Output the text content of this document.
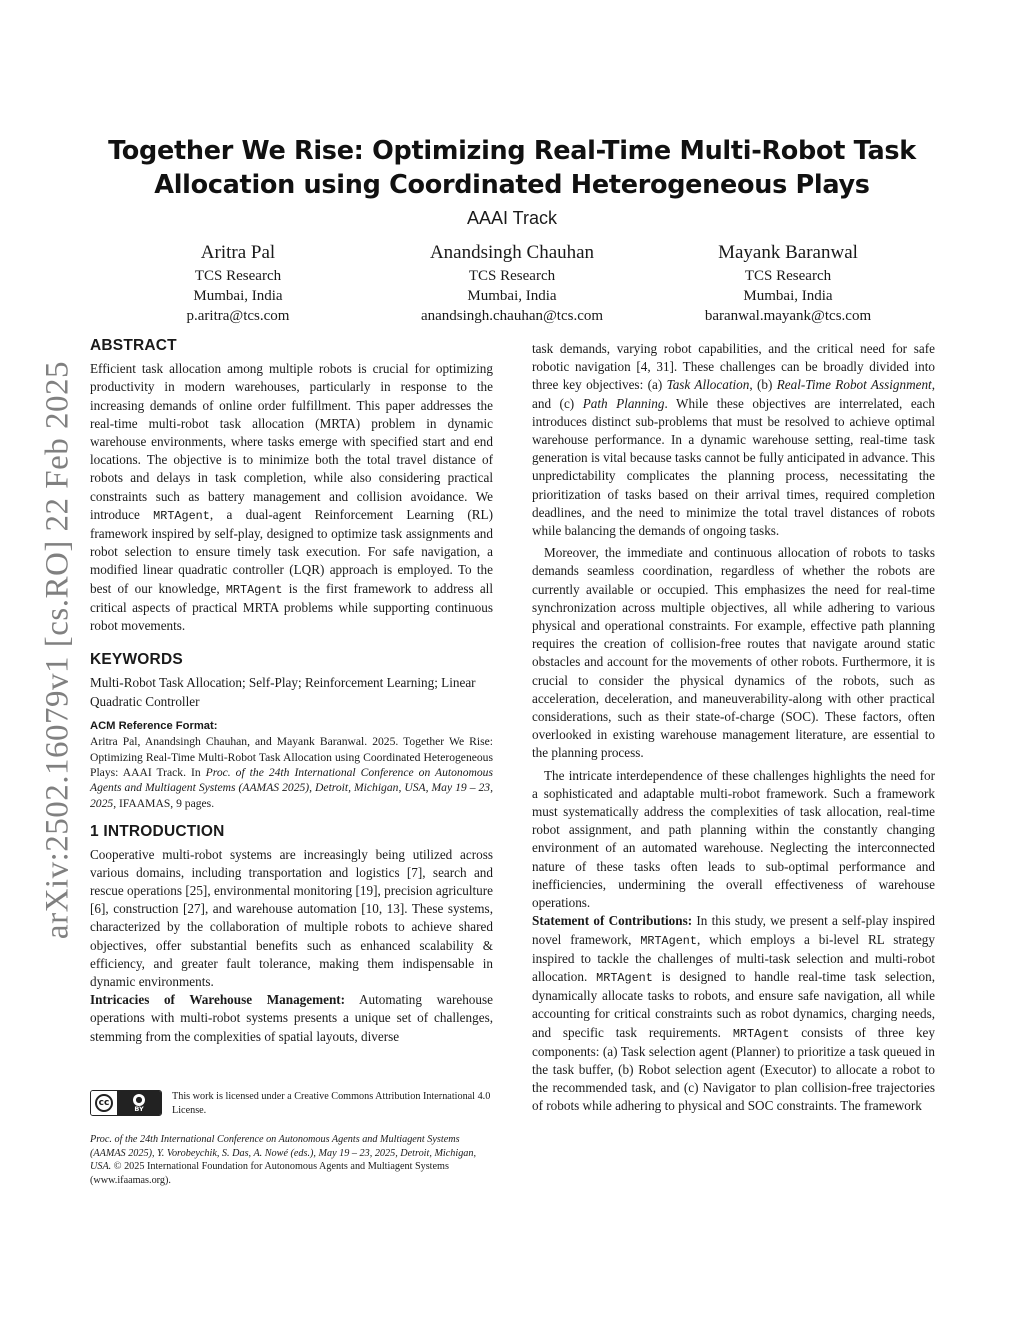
arXiv:2502.16079v1 [cs.RO] 22 Feb 2025
Together We Rise: Optimizing Real-Time Multi-Robot Task Allocation using Coordinated Heterogeneous Plays
AAAI Track
Aritra Pal
TCS Research
Mumbai, India
p.aritra@tcs.com
Anandsingh Chauhan
TCS Research
Mumbai, India
anandsingh.chauhan@tcs.com
Mayank Baranwal
TCS Research
Mumbai, India
baranwal.mayank@tcs.com
ABSTRACT

Efficient task allocation among multiple robots is crucial for optimizing productivity in modern warehouses, particularly in response to the increasing demands of online order fulfillment. This paper addresses the real-time multi-robot task allocation (MRTA) problem in dynamic warehouse environments, where tasks emerge with specified start and end locations. The objective is to minimize both the total travel distance of robots and delays in task completion, while also considering practical constraints such as battery management and collision avoidance. We introduce MRTAgent, a dual-agent Reinforcement Learning (RL) framework inspired by self-play, designed to optimize task assignments and robot selection to ensure timely task execution. For safe navigation, a modified linear quadratic controller (LQR) approach is employed. To the best of our knowledge, MRTAgent is the first framework to address all critical aspects of practical MRTA problems while supporting continuous robot movements.

KEYWORDS

Multi-Robot Task Allocation; Self-Play; Reinforcement Learning; Linear Quadratic Controller

ACM Reference Format:

Aritra Pal, Anandsingh Chauhan, and Mayank Baranwal. 2025. Together We Rise: Optimizing Real-Time Multi-Robot Task Allocation using Coordinated Heterogeneous Plays: AAAI Track. In Proc. of the 24th International Conference on Autonomous Agents and Multiagent Systems (AAMAS 2025), Detroit, Michigan, USA, May 19 – 23, 2025, IFAAMAS, 9 pages.

1 INTRODUCTION

Cooperative multi-robot systems are increasingly being utilized across various domains, including transportation and logistics [7], search and rescue operations [25], environmental monitoring [19], precision agriculture [6], construction [27], and warehouse automation [10, 13]. These systems, characterized by the collaboration of multiple robots to achieve shared objectives, offer substantial benefits such as enhanced scalability & efficiency, and greater fault tolerance, making them indispensable in dynamic environments.

Intricacies of Warehouse Management: Automating warehouse operations with multi-robot systems presents a unique set of challenges, stemming from the complexities of spatial layouts, diverse

cc	●
BY
This work is licensed under a Creative Commons Attribution International 4.0 License.
Proc. of the 24th International Conference on Autonomous Agents and Multiagent Systems (AAMAS 2025), Y. Vorobeychik, S. Das, A. Nowé (eds.), May 19 – 23, 2025, Detroit, Michigan, USA. © 2025 International Foundation for Autonomous Agents and Multiagent Systems (www.ifaamas.org).

task demands, varying robot capabilities, and the critical need for safe robotic navigation [4, 31]. These challenges can be broadly divided into three key objectives: (a) Task Allocation, (b) Real-Time Robot Assignment, and (c) Path Planning. While these objectives are interrelated, each introduces distinct sub-problems that must be resolved to achieve optimal warehouse performance. In a dynamic warehouse setting, real-time task generation is vital because tasks cannot be fully anticipated in advance. This unpredictability complicates the planning process, necessitating the prioritization of tasks based on their arrival times, required completion deadlines, and the need to minimize the total travel distances of robots while balancing the demands of ongoing tasks.

Moreover, the immediate and continuous allocation of robots to tasks demands seamless coordination, regardless of whether the robots are currently available or occupied. This emphasizes the need for real-time synchronization across multiple objectives, all while adhering to various physical and operational constraints. For example, effective path planning requires the creation of collision-free routes that navigate around static obstacles and account for the movements of other robots. Furthermore, it is crucial to consider the physical dynamics of the robots, such as acceleration, deceleration, and maneuverability-along with other practical considerations, such as their state-of-charge (SOC). These factors, often overlooked in existing warehouse management literature, are essential to the planning process.

The intricate interdependence of these challenges highlights the need for a sophisticated and adaptable multi-robot framework. Such a framework must systematically address the complexities of task allocation, real-time robot assignment, and path planning within the constantly changing environment of an automated warehouse. Neglecting the interconnected nature of these tasks often leads to sub-optimal performance and inefficiencies, undermining the overall effectiveness of warehouse operations.

Statement of Contributions: In this study, we present a self-play inspired novel framework, MRTAgent, which employs a bi-level RL strategy inspired to tackle the challenges of multi-task selection and multi-robot allocation. MRTAgent is designed to handle real-time task selection, dynamically allocate tasks to robots, and ensure safe navigation, all while accounting for critical constraints such as robot dynamics, charging needs, and specific task requirements. MRTAgent consists of three key components: (a) Task selection agent (Planner) to prioritize a task queued in the task buffer, (b) Robot selection agent (Executor) to allocate a robot to the recommended task, and (c) Navigator to plan collision-free trajectories of robots while adhering to physical and SOC constraints. The framework
